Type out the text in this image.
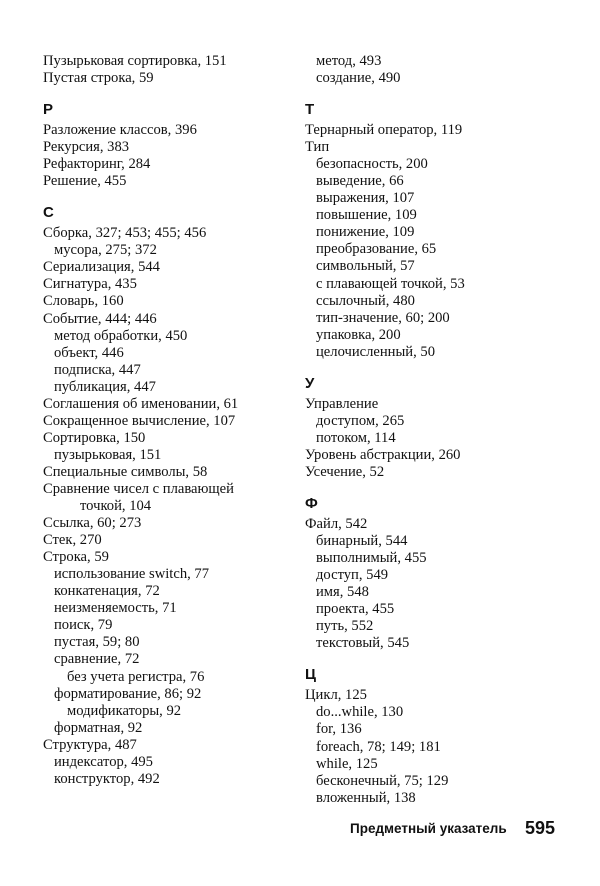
Пузырьковая сортировка, 151
Пустая строка, 59
Р
Разложение классов, 396
Рекурсия, 383
Рефакторинг, 284
Решение, 455
С
Сборка, 327; 453; 455; 456
мусора, 275; 372
Сериализация, 544
Сигнатура, 435
Словарь, 160
Событие, 444; 446
метод обработки, 450
объект, 446
подписка, 447
публикация, 447
Соглашения об именовании, 61
Сокращенное вычисление, 107
Сортировка, 150
пузырьковая, 151
Специальные символы, 58
Сравнение чисел с плавающей
точкой, 104
Ссылка, 60; 273
Стек, 270
Строка, 59
использование switch, 77
конкатенация, 72
неизменяемость, 71
поиск, 79
пустая, 59; 80
сравнение, 72
без учета регистра, 76
форматирование, 86; 92
модификаторы, 92
форматная, 92
Структура, 487
индексатор, 495
конструктор, 492
метод, 493
создание, 490
Т
Тернарный оператор, 119
Тип
безопасность, 200
выведение, 66
выражения, 107
повышение, 109
понижение, 109
преобразование, 65
символьный, 57
с плавающей точкой, 53
ссылочный, 480
тип-значение, 60; 200
упаковка, 200
целочисленный, 50
У
Управление
доступом, 265
потоком, 114
Уровень абстракции, 260
Усечение, 52
Ф
Файл, 542
бинарный, 544
выполнимый, 455
доступ, 549
имя, 548
проекта, 455
путь, 552
текстовый, 545
Ц
Цикл, 125
do...while, 130
for, 136
foreach, 78; 149; 181
while, 125
бесконечный, 75; 129
вложенный, 138
Предметный указатель 595
